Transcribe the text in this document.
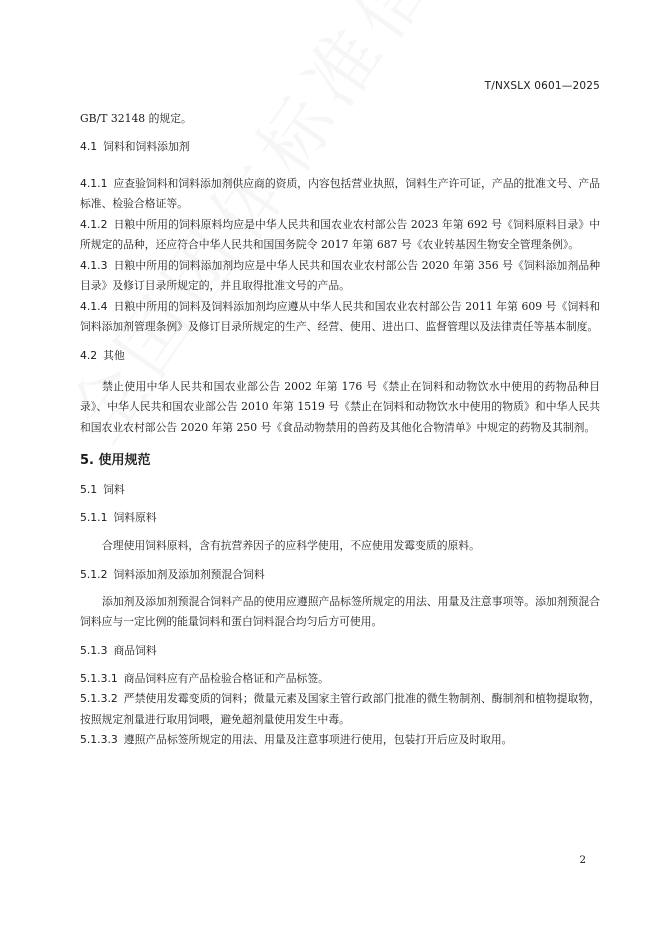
T/NXSLX 0601—2025

GB/T 32148 的规定。

4.1 饲料和饲料添加剂

4.1.1 应查验饲料和饲料添加剂供应商的资质，内容包括营业执照，饲料生产许可证，产品的批准文号、产品标准、检验合格证等。

4.1.2 日粮中所用的饲料原料均应是中华人民共和国农业农村部公告 2023 年第 692 号《饲料原料目录》中所规定的品种，还应符合中华人民共和国国务院令 2017 年第 687 号《农业转基因生物安全管理条例》。

4.1.3 日粮中所用的饲料添加剂均应是中华人民共和国农业农村部公告 2020 年第 356 号《饲料添加剂品种目录》及修订目录所规定的，并且取得批准文号的产品。

4.1.4 日粮中所用的饲料及饲料添加剂均应遵从中华人民共和国农业农村部公告 2011 年第 609 号《饲料和饲料添加剂管理条例》及修订目录所规定的生产、经营、使用、进出口、监督管理以及法律责任等基本制度。

4.2 其他

禁止使用中华人民共和国农业部公告 2002 年第 176 号《禁止在饲料和动物饮水中使用的药物品种目录》、中华人民共和国农业部公告 2010 年第 1519 号《禁止在饲料和动物饮水中使用的物质》和中华人民共和国农业农村部公告 2020 年第 250 号《食品动物禁用的兽药及其他化合物清单》中规定的药物及其制剂。

5. 使用规范

5.1 饲料

5.1.1 饲料原料

合理使用饲料原料，含有抗营养因子的应科学使用，不应使用发霉变质的原料。

5.1.2 饲料添加剂及添加剂预混合饲料

添加剂及添加剂预混合饲料产品的使用应遵照产品标签所规定的用法、用量及注意事项等。添加剂预混合饲料应与一定比例的能量饲料和蛋白饲料混合均匀后方可使用。

5.1.3 商品饲料

5.1.3.1 商品饲料应有产品检验合格证和产品标签。

5.1.3.2 严禁使用发霉变质的饲料；微量元素及国家主管行政部门批准的微生物制剂、酶制剂和植物提取物，按照规定剂量进行取用饲喂，避免超剂量使用发生中毒。

5.1.3.3 遵照产品标签所规定的用法、用量及注意事项进行使用，包装打开后应及时取用。

2
